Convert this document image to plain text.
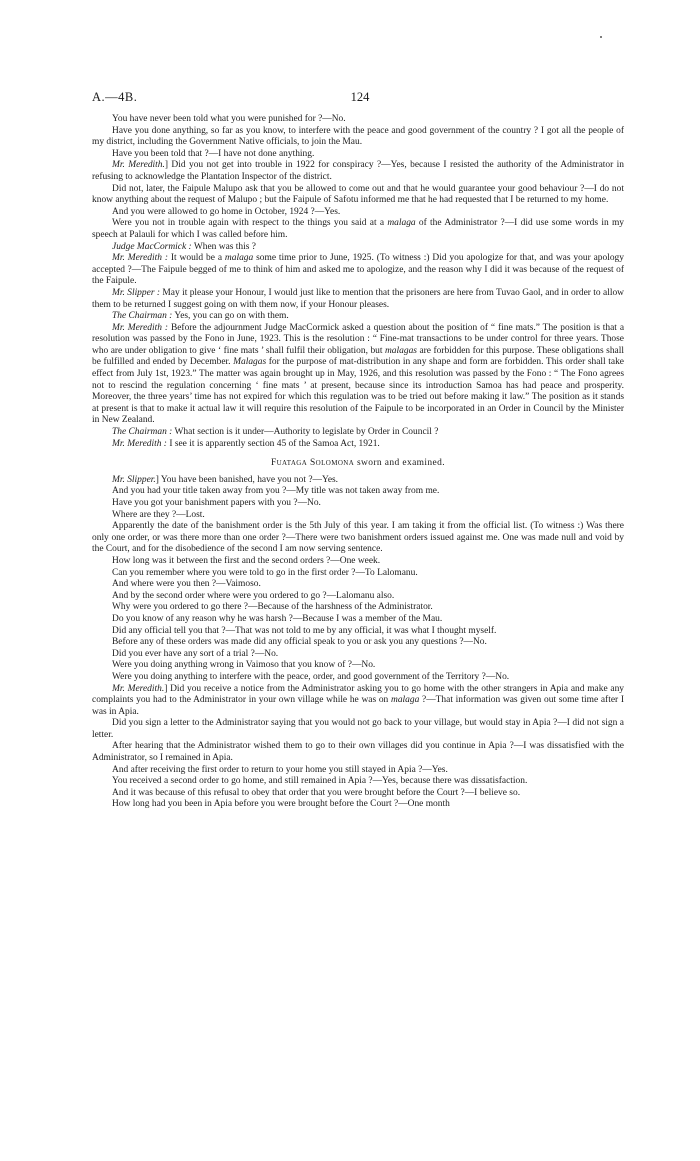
A.—4B.	124

You have never been told what you were punished for ?—No.

Have you done anything, so far as you know, to interfere with the peace and good government of the country ? I got all the people of my district, including the Government Native officials, to join the Mau.

Have you been told that ?—I have not done anything.

Mr. Meredith.] Did you not get into trouble in 1922 for conspiracy ?—Yes, because I resisted the authority of the Administrator in refusing to acknowledge the Plantation Inspector of the district.

Did not, later, the Faipule Malupo ask that you be allowed to come out and that he would guarantee your good behaviour ?—I do not know anything about the request of Malupo ; but the Faipule of Safotu informed me that he had requested that I be returned to my home.

And you were allowed to go home in October, 1924 ?—Yes.

Were you not in trouble again with respect to the things you said at a malaga of the Administrator ?—I did use some words in my speech at Palauli for which I was called before him.

Judge MacCormick : When was this ?

Mr. Meredith : It would be a malaga some time prior to June, 1925. (To witness :) Did you apologize for that, and was your apology accepted ?—The Faipule begged of me to think of him and asked me to apologize, and the reason why I did it was because of the request of the Faipule.

Mr. Slipper : May it please your Honour, I would just like to mention that the prisoners are here from Tuvao Gaol, and in order to allow them to be returned I suggest going on with them now, if your Honour pleases.

The Chairman : Yes, you can go on with them.

Mr. Meredith : Before the adjournment Judge MacCormick asked a question about the position of “ fine mats.” The position is that a resolution was passed by the Fono in June, 1923. This is the resolution : “ Fine-mat transactions to be under control for three years. Those who are under obligation to give ‘ fine mats ’ shall fulfil their obligation, but malagas are forbidden for this purpose. These obligations shall be fulfilled and ended by December. Malagas for the purpose of mat-distribution in any shape and form are forbidden. This order shall take effect from July 1st, 1923.” The matter was again brought up in May, 1926, and this resolution was passed by the Fono : “ The Fono agrees not to rescind the regulation concerning ‘ fine mats ’ at present, because since its introduction Samoa has had peace and prosperity. Moreover, the three years’ time has not expired for which this regulation was to be tried out before making it law.” The position as it stands at present is that to make it actual law it will require this resolution of the Faipule to be incorporated in an Order in Council by the Minister in New Zealand.

The Chairman : What section is it under—Authority to legislate by Order in Council ?

Mr. Meredith : I see it is apparently section 45 of the Samoa Act, 1921.

Fuataga Solomona sworn and examined.

Mr. Slipper.] You have been banished, have you not ?—Yes.

And you had your title taken away from you ?—My title was not taken away from me.

Have you got your banishment papers with you ?—No.

Where are they ?—Lost.

Apparently the date of the banishment order is the 5th July of this year. I am taking it from the official list. (To witness :) Was there only one order, or was there more than one order ?—There were two banishment orders issued against me. One was made null and void by the Court, and for the disobedience of the second I am now serving sentence.

How long was it between the first and the second orders ?—One week.

Can you remember where you were told to go in the first order ?—To Lalomanu.

And where were you then ?—Vaimoso.

And by the second order where were you ordered to go ?—Lalomanu also.

Why were you ordered to go there ?—Because of the harshness of the Administrator.

Do you know of any reason why he was harsh ?—Because I was a member of the Mau.

Did any official tell you that ?—That was not told to me by any official, it was what I thought myself.

Before any of these orders was made did any official speak to you or ask you any questions ?—No.

Did you ever have any sort of a trial ?—No.

Were you doing anything wrong in Vaimoso that you know of ?—No.

Were you doing anything to interfere with the peace, order, and good government of the Territory ?—No.

Mr. Meredith.] Did you receive a notice from the Administrator asking you to go home with the other strangers in Apia and make any complaints you had to the Administrator in your own village while he was on malaga ?—That information was given out some time after I was in Apia.

Did you sign a letter to the Administrator saying that you would not go back to your village, but would stay in Apia ?—I did not sign a letter.

After hearing that the Administrator wished them to go to their own villages did you continue in Apia ?—I was dissatisfied with the Administrator, so I remained in Apia.

And after receiving the first order to return to your home you still stayed in Apia ?—Yes.

You received a second order to go home, and still remained in Apia ?—Yes, because there was dissatisfaction.

And it was because of this refusal to obey that order that you were brought before the Court ?—I believe so.

How long had you been in Apia before you were brought before the Court ?—One month
